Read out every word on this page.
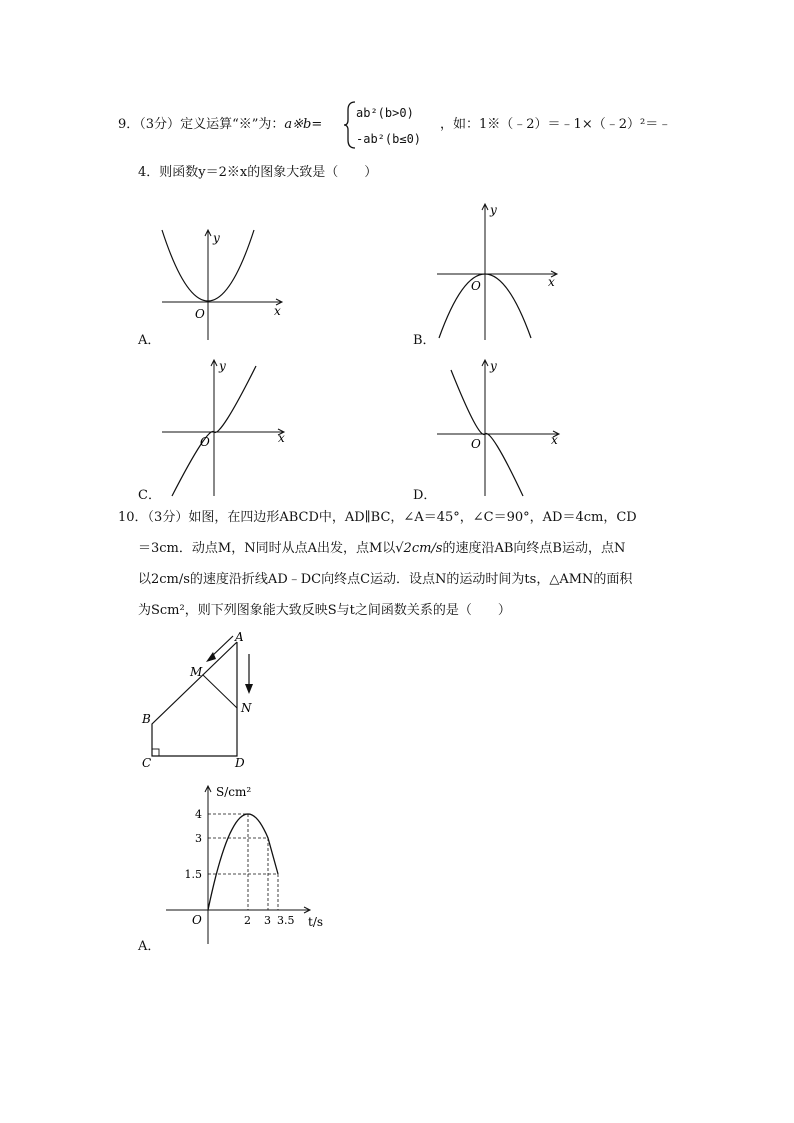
9．（3分）定义运算“※”为：a※b=
ab²(b>0)
-ab²(b≤0)
，如：1※（﹣2）＝﹣1×（﹣2）²＝﹣
4．则函数y＝2※x的图象大致是（　　）
x
y
O
A．
x
y
O
B．
x
y
O
C．
x
y
O
D．
10．（3分）如图，在四边形ABCD中，AD∥BC，∠A＝45°，∠C＝90°，AD＝4cm，CD
＝3cm．动点M，N同时从点A出发，点M以√2cm/s的速度沿AB向终点B运动，点N
以2cm/s的速度沿折线AD﹣DC向终点C运动．设点N的运动时间为ts，△AMN的面积
为Scm²，则下列图象能大致反映S与t之间函数关系的是（　　）
A
B
C	D
M
N
S/cm²
t/s
O	2 3 3.5
4
3
1.5
A．
